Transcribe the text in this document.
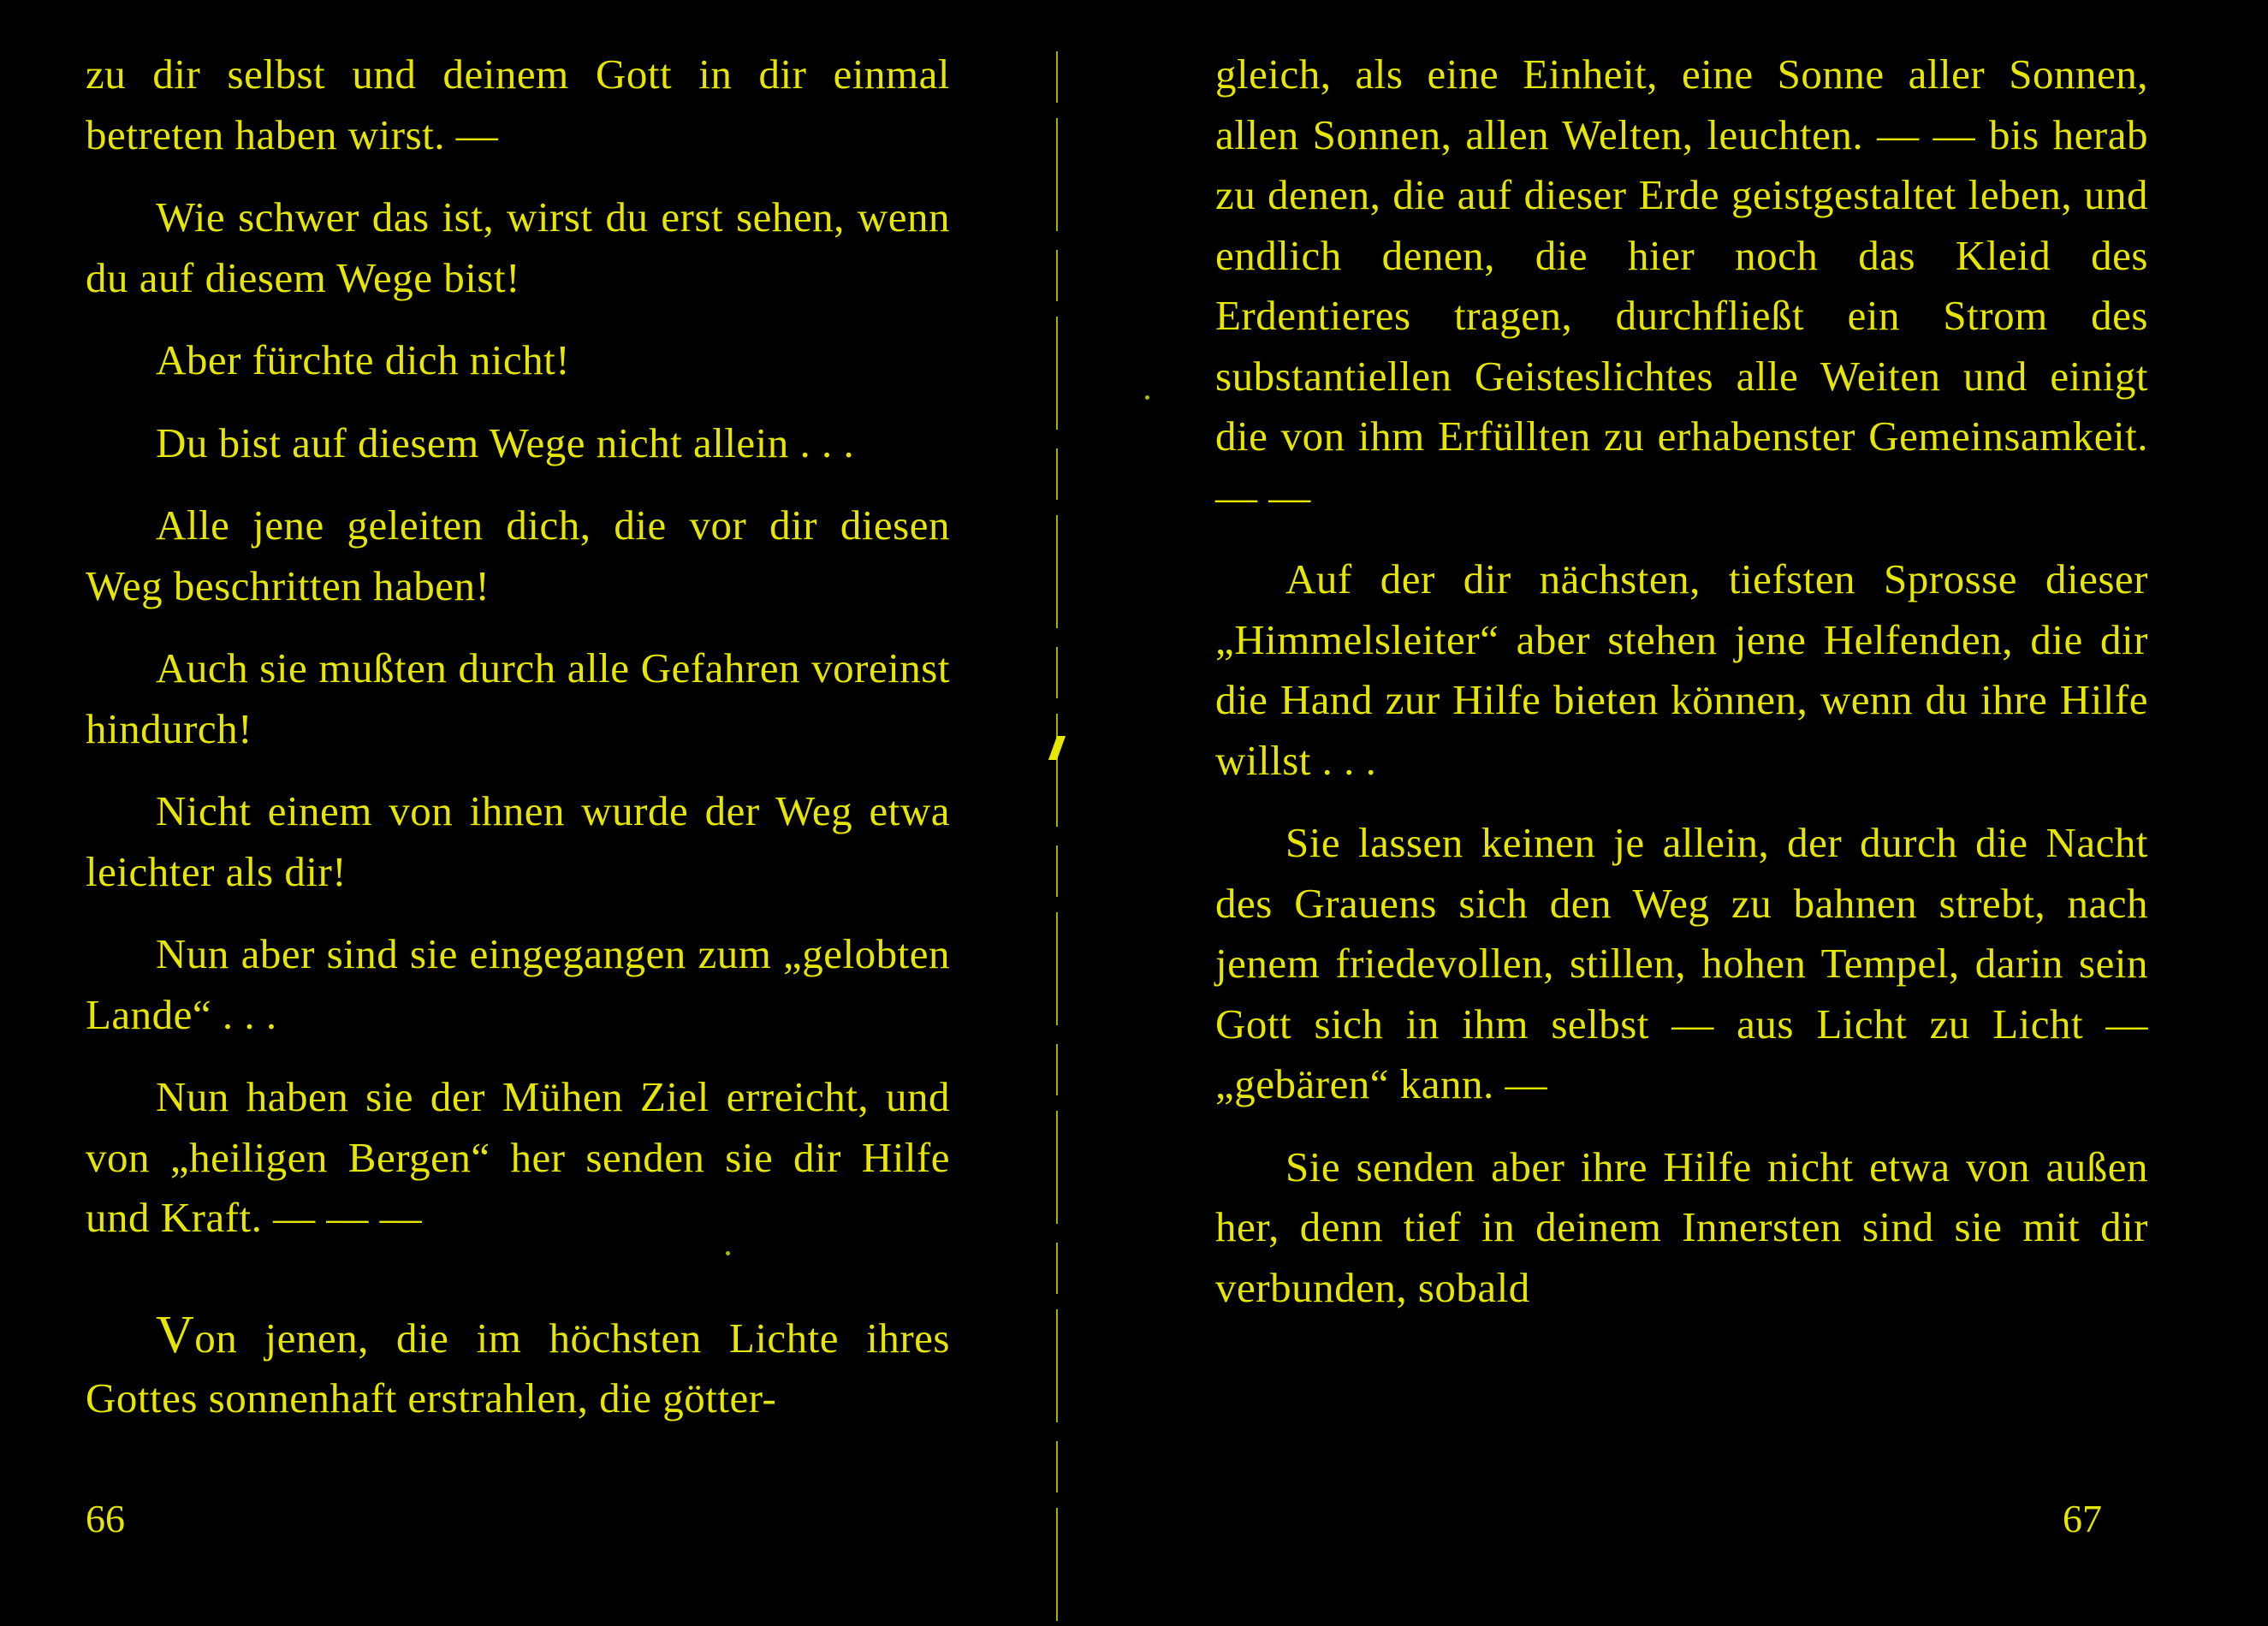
zu dir selbst und deinem Gott in dir einmal betreten haben wirst. —

Wie schwer das ist, wirst du erst sehen, wenn du auf diesem Wege bist!

Aber fürchte dich nicht!

Du bist auf diesem Wege nicht allein . . .

Alle jene geleiten dich, die vor dir diesen Weg beschritten haben!

Auch sie mußten durch alle Gefahren voreinst hindurch!

Nicht einem von ihnen wurde der Weg etwa leichter als dir!

Nun aber sind sie eingegangen zum „gelobten Lande“ . . .

Nun haben sie der Mühen Ziel erreicht, und von „heiligen Bergen“ her senden sie dir Hilfe und Kraft. — — —

Von jenen, die im höchsten Lichte ihres Gottes sonnenhaft erstrahlen, die götter-

66

gleich, als eine Einheit, eine Sonne aller Sonnen, allen Sonnen, allen Welten, leuchten. — — bis herab zu denen, die auf dieser Erde geistgestaltet leben, und endlich denen, die hier noch das Kleid des Erdentieres tragen, durchfließt ein Strom des substantiellen Geisteslichtes alle Weiten und einigt die von ihm Erfüllten zu erhabenster Gemeinsamkeit. — —

Auf der dir nächsten, tiefsten Sprosse dieser „Himmelsleiter“ aber stehen jene Helfenden, die dir die Hand zur Hilfe bieten können, wenn du ihre Hilfe willst . . .

Sie lassen keinen je allein, der durch die Nacht des Grauens sich den Weg zu bahnen strebt, nach jenem friedevollen, stillen, hohen Tempel, darin sein Gott sich in ihm selbst — aus Licht zu Licht — „gebären“ kann. —

Sie senden aber ihre Hilfe nicht etwa von außen her, denn tief in deinem Innersten sind sie mit dir verbunden, sobald

67
